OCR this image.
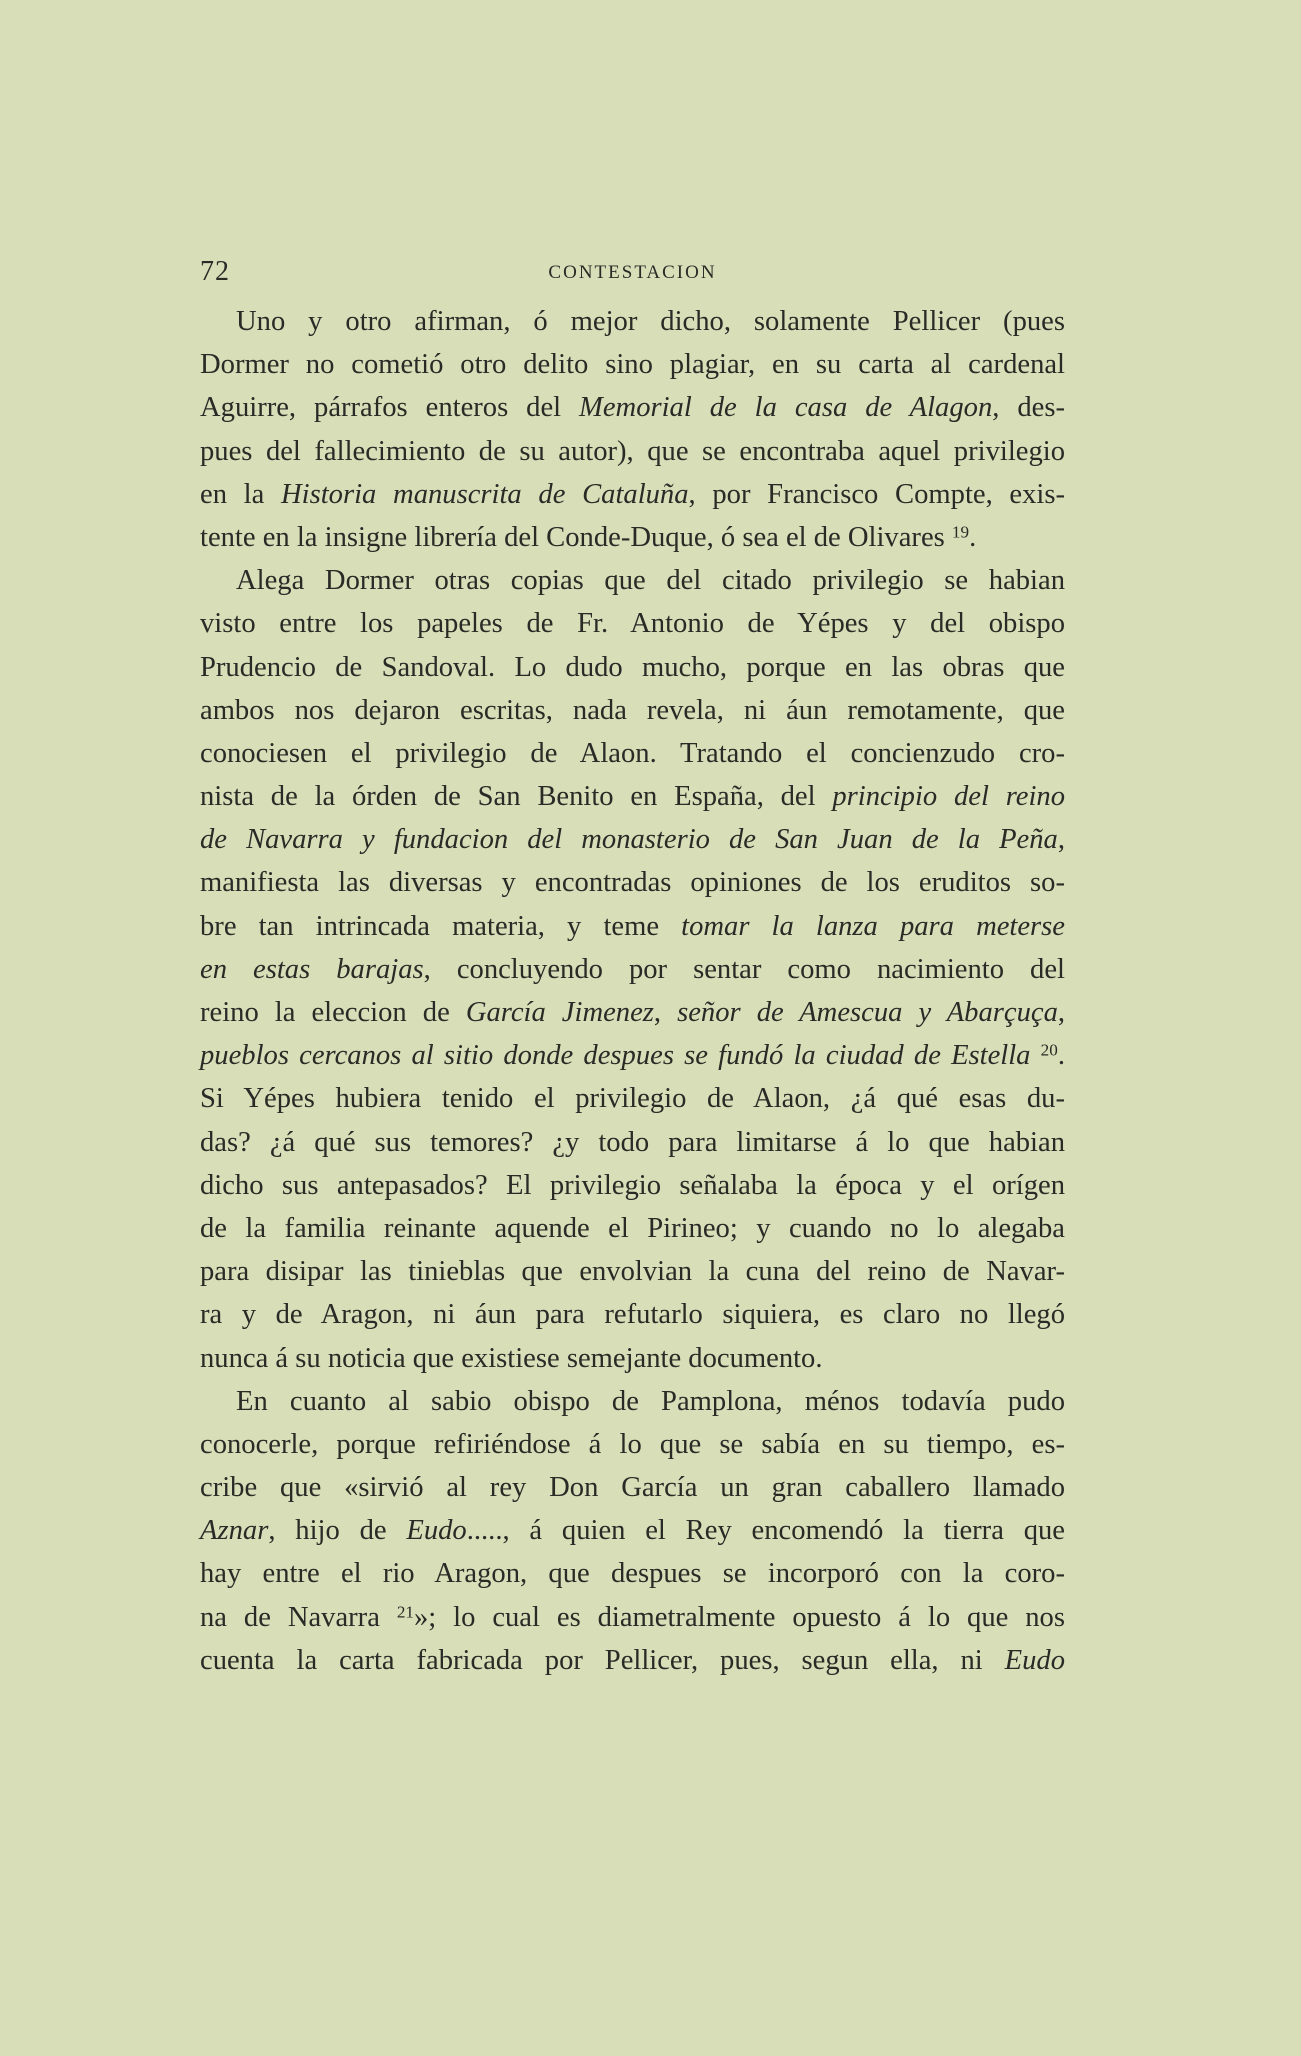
72	CONTESTACION
Uno y otro afirman, ó mejor dicho, solamente Pellicer (pues
Dormer no cometió otro delito sino plagiar, en su carta al cardenal
Aguirre, párrafos enteros del Memorial de la casa de Alagon, des-
pues del fallecimiento de su autor), que se encontraba aquel privilegio
en la Historia manuscrita de Cataluña, por Francisco Compte, exis-
tente en la insigne librería del Conde-Duque, ó sea el de Olivares $^{19}$.
Alega Dormer otras copias que del citado privilegio se habian
visto entre los papeles de Fr. Antonio de Yépes y del obispo
Prudencio de Sandoval. Lo dudo mucho, porque en las obras que
ambos nos dejaron escritas, nada revela, ni áun remotamente, que
conociesen el privilegio de Alaon. Tratando el concienzudo cro-
nista de la órden de San Benito en España, del principio del reino
de Navarra y fundacion del monasterio de San Juan de la Peña,
manifiesta las diversas y encontradas opiniones de los eruditos so-
bre tan intrincada materia, y teme tomar la lanza para meterse
en estas barajas, concluyendo por sentar como nacimiento del
reino la eleccion de García Jimenez, señor de Amescua y Abarçuça,
pueblos cercanos al sitio donde despues se fundó la ciudad de Estella $^{20}$.
Si Yépes hubiera tenido el privilegio de Alaon, ¿á qué esas du-
das? ¿á qué sus temores? ¿y todo para limitarse á lo que habian
dicho sus antepasados? El privilegio señalaba la época y el orígen
de la familia reinante aquende el Pirineo; y cuando no lo alegaba
para disipar las tinieblas que envolvian la cuna del reino de Navar-
ra y de Aragon, ni áun para refutarlo siquiera, es claro no llegó
nunca á su noticia que existiese semejante documento.
En cuanto al sabio obispo de Pamplona, ménos todavía pudo
conocerle, porque refiriéndose á lo que se sabía en su tiempo, es-
cribe que «sirvió al rey Don García un gran caballero llamado
Aznar, hijo de Eudo....., á quien el Rey encomendó la tierra que
hay entre el rio Aragon, que despues se incorporó con la coro-
na de Navarra $^{21}$»; lo cual es diametralmente opuesto á lo que nos
cuenta la carta fabricada por Pellicer, pues, segun ella, ni Eudo
